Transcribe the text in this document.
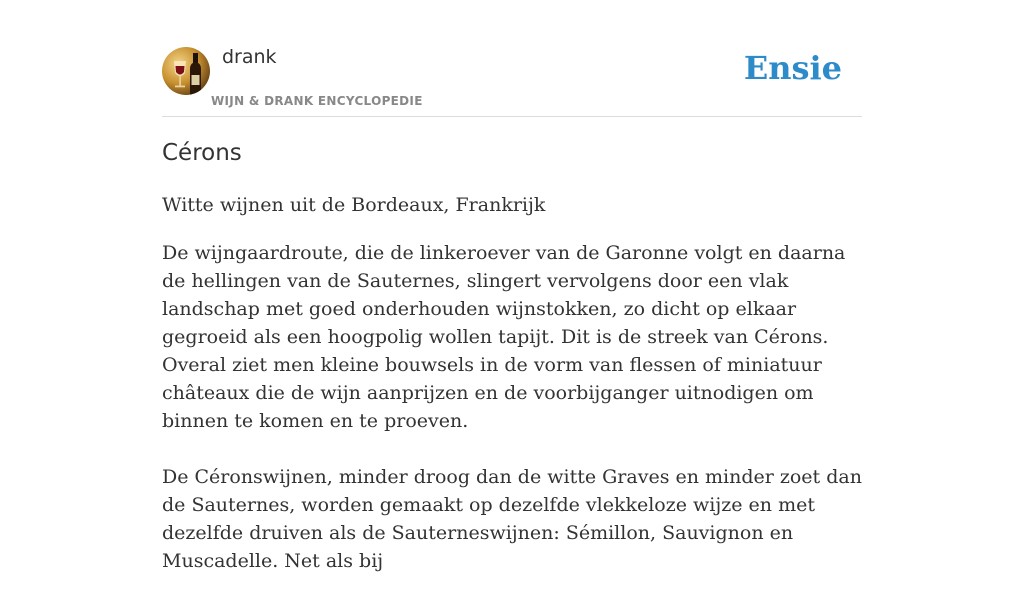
drank
WIJN & DRANK ENCYCLOPEDIE
Ensie
Cérons
Witte wijnen uit de Bordeaux, Frankrijk

De wijngaardroute, die de linkeroever van de Garonne volgt en daarna de hellingen van de Sauternes, slingert vervolgens door een vlak landschap met goed onderhouden wijnstokken, zo dicht op elkaar gegroeid als een hoogpolig wollen tapijt. Dit is de streek van Cérons. Overal ziet men kleine bouwsels in de vorm van flessen of miniatuur châteaux die de wijn aanprijzen en de voorbijganger uitnodigen om binnen te komen en te proeven.

De Céronswijnen, minder droog dan de witte Graves en minder zoet dan de Sauternes, worden gemaakt op dezelfde vlekkeloze wijze en met dezelfde druiven als de Sauterneswijnen: Sémillon, Sauvignon en Muscadelle. Net als bij
